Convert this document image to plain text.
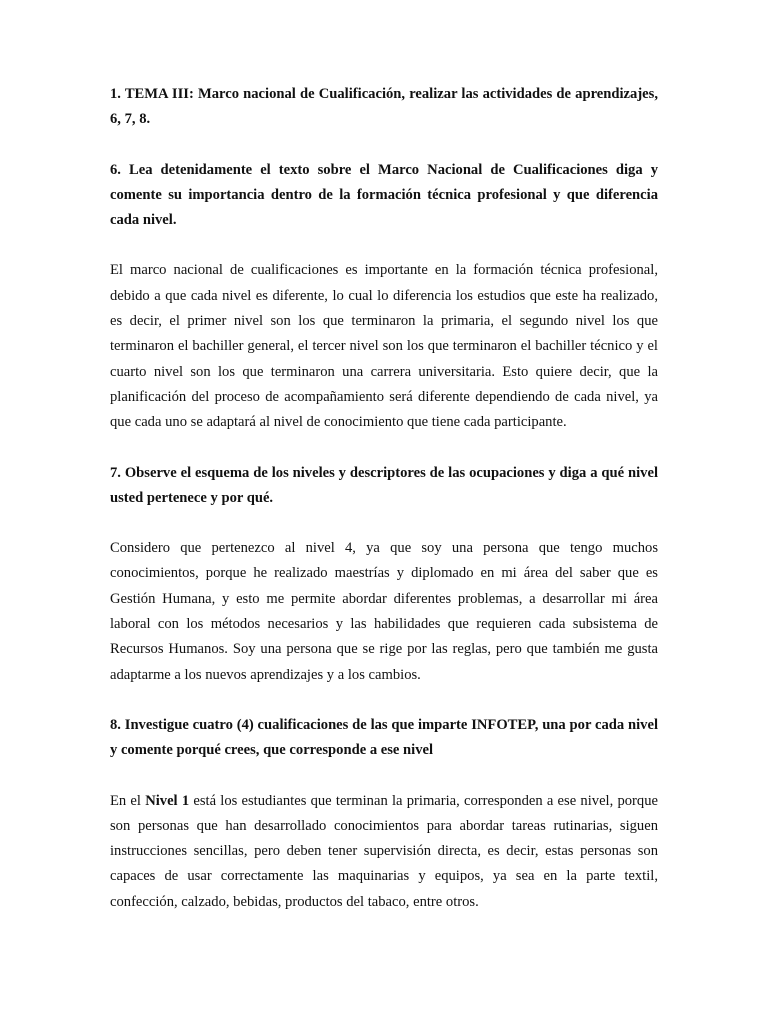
1. TEMA III: Marco nacional de Cualificación, realizar las actividades de aprendizajes, 6, 7, 8.

6. Lea detenidamente el texto sobre el Marco Nacional de Cualificaciones diga y comente su importancia dentro de la formación técnica profesional y que diferencia cada nivel.

El marco nacional de cualificaciones es importante en la formación técnica profesional, debido a que cada nivel es diferente, lo cual lo diferencia los estudios que este ha realizado, es decir, el primer nivel son los que terminaron la primaria, el segundo nivel los que terminaron el bachiller general, el tercer nivel son los que terminaron el bachiller técnico y el cuarto nivel son los que terminaron una carrera universitaria. Esto quiere decir, que la planificación del proceso de acompañamiento será diferente dependiendo de cada nivel, ya que cada uno se adaptará al nivel de conocimiento que tiene cada participante.

7. Observe el esquema de los niveles y descriptores de las ocupaciones y diga a qué nivel usted pertenece y por qué.

Considero que pertenezco al nivel 4, ya que soy una persona que tengo muchos conocimientos, porque he realizado maestrías y diplomado en mi área del saber que es Gestión Humana, y esto me permite abordar diferentes problemas, a desarrollar mi área laboral con los métodos necesarios y las habilidades que requieren cada subsistema de Recursos Humanos. Soy una persona que se rige por las reglas, pero que también me gusta adaptarme a los nuevos aprendizajes y a los cambios.

8. Investigue cuatro (4) cualificaciones de las que imparte INFOTEP, una por cada nivel y comente porqué crees, que corresponde a ese nivel

En el Nivel 1 está los estudiantes que terminan la primaria, corresponden a ese nivel, porque son personas que han desarrollado conocimientos para abordar tareas rutinarias, siguen instrucciones sencillas, pero deben tener supervisión directa, es decir, estas personas son capaces de usar correctamente las maquinarias y equipos, ya sea en la parte textil, confección, calzado, bebidas, productos del tabaco, entre otros.
